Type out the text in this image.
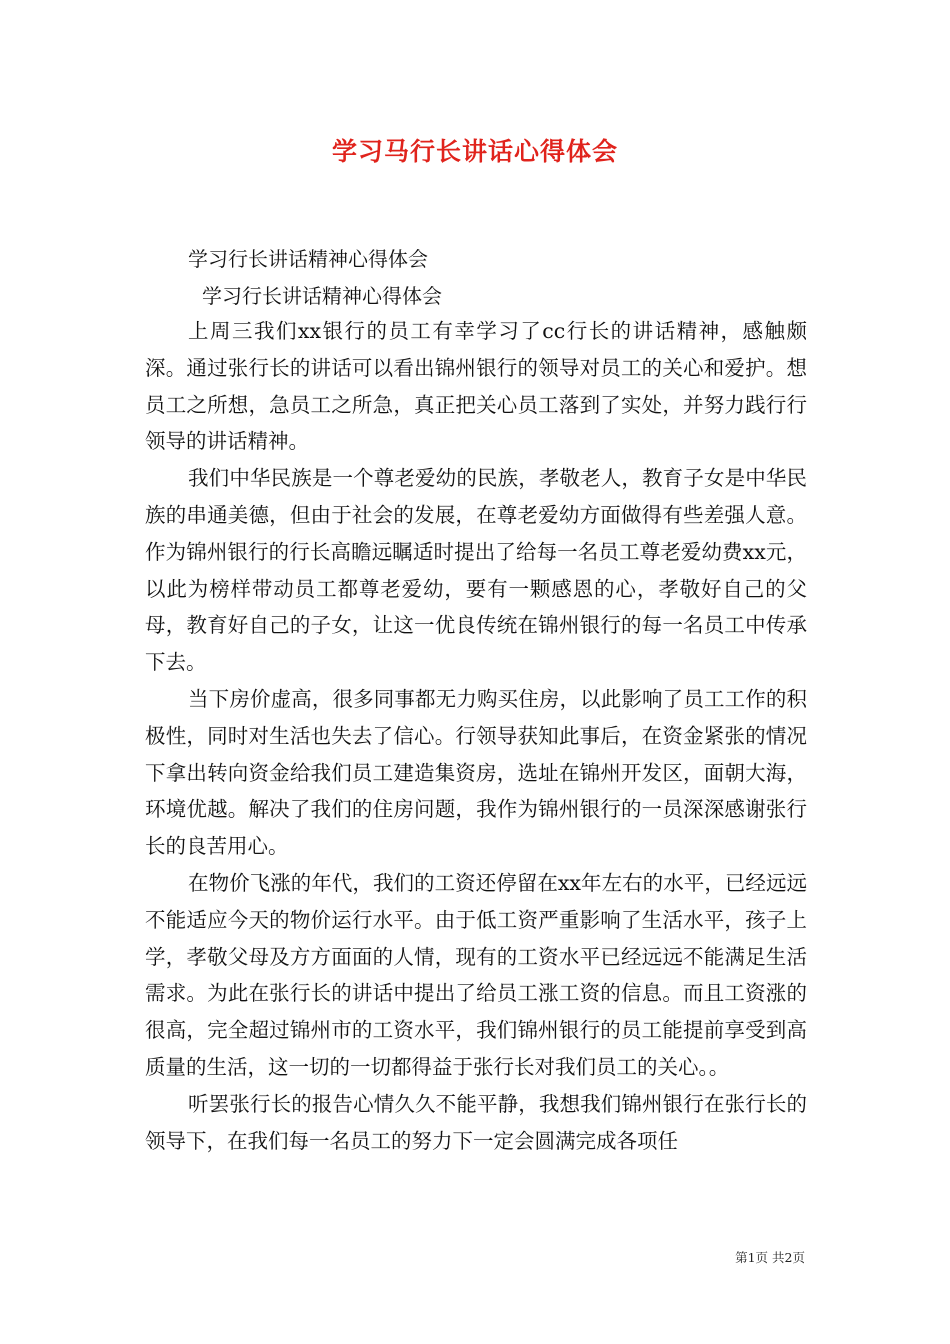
学习马行长讲话心得体会
学习行长讲话精神心得体会
学习行长讲话精神心得体会

上周三我们xx银行的员工有幸学习了cc行长的讲话精神，感触颇深。通过张行长的讲话可以看出锦州银行的领导对员工的关心和爱护。想员工之所想，急员工之所急，真正把关心员工落到了实处，并努力践行行领导的讲话精神。

我们中华民族是一个尊老爱幼的民族，孝敬老人，教育子女是中华民族的串通美德，但由于社会的发展，在尊老爱幼方面做得有些差强人意。作为锦州银行的行长高瞻远瞩适时提出了给每一名员工尊老爱幼费xx元，以此为榜样带动员工都尊老爱幼，要有一颗感恩的心，孝敬好自己的父母，教育好自己的子女，让这一优良传统在锦州银行的每一名员工中传承下去。

当下房价虚高，很多同事都无力购买住房，以此影响了员工工作的积极性，同时对生活也失去了信心。行领导获知此事后，在资金紧张的情况下拿出转向资金给我们员工建造集资房，选址在锦州开发区，面朝大海，环境优越。解决了我们的住房问题，我作为锦州银行的一员深深感谢张行长的良苦用心。

在物价飞涨的年代，我们的工资还停留在xx年左右的水平，已经远远不能适应今天的物价运行水平。由于低工资严重影响了生活水平，孩子上学，孝敬父母及方方面面的人情，现有的工资水平已经远远不能满足生活需求。为此在张行长的讲话中提出了给员工涨工资的信息。而且工资涨的很高，完全超过锦州市的工资水平，我们锦州银行的员工能提前享受到高质量的生活，这一切的一切都得益于张行长对我们员工的关心。。

听罢张行长的报告心情久久不能平静，我想我们锦州银行在张行长的领导下，在我们每一名员工的努力下一定会圆满完成各项任

第1页 共2页
